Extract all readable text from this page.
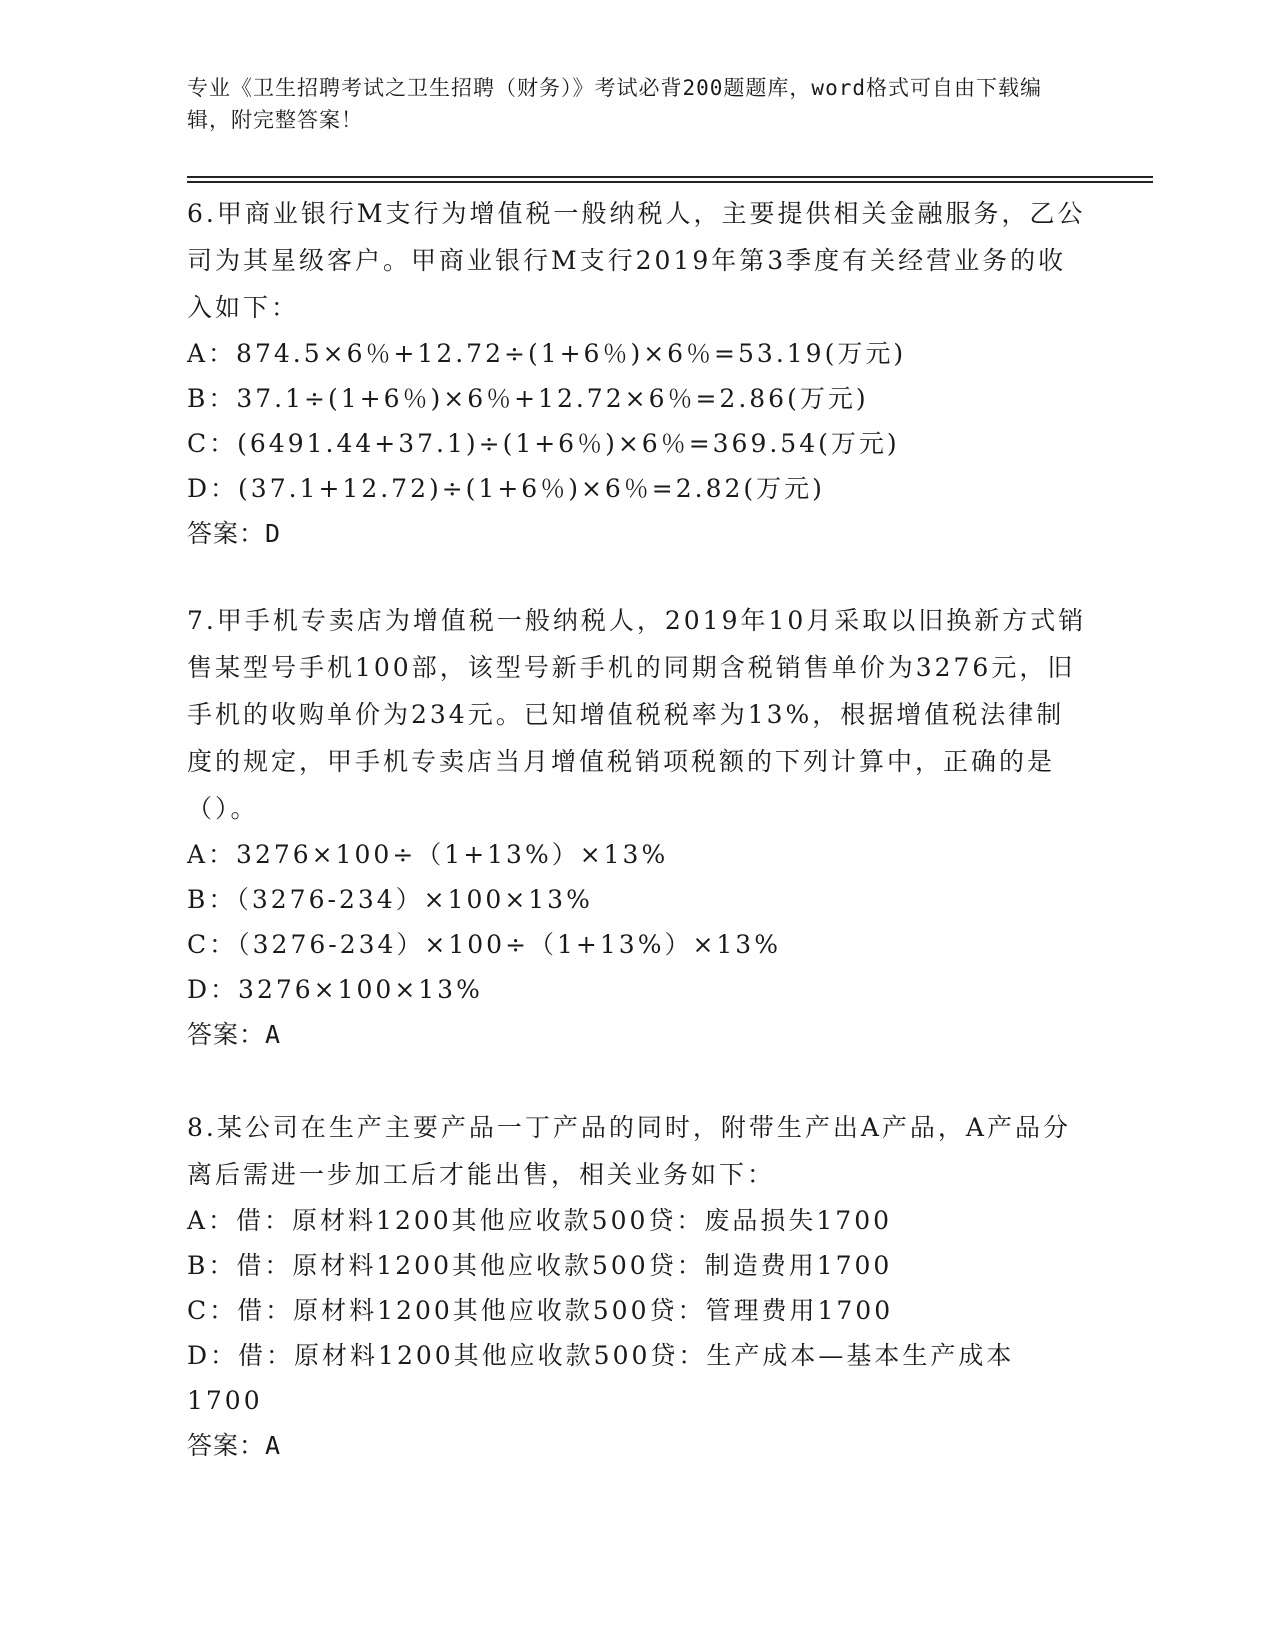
专业《卫生招聘考试之卫生招聘（财务）》考试必背200题题库，word格式可自由下载编辑，附完整答案！

6.甲商业银行M支行为增值税一般纳税人，主要提供相关金融服务，乙公司为其星级客户。甲商业银行M支行2019年第3季度有关经营业务的收入如下：

A：874.5×6％+12.72÷(1+6％)×6％=53.19(万元)

B：37.1÷(1+6％)×6％+12.72×6％=2.86(万元)

C：(6491.44+37.1)÷(1+6％)×6％=369.54(万元)

D：(37.1+12.72)÷(1+6％)×6％=2.82(万元)

答案：D

7.甲手机专卖店为增值税一般纳税人，2019年10月采取以旧换新方式销售某型号手机100部，该型号新手机的同期含税销售单价为3276元，旧手机的收购单价为234元。已知增值税税率为13%，根据增值税法律制度的规定，甲手机专卖店当月增值税销项税额的下列计算中，正确的是（）。

A：3276×100÷（1+13%）×13%

B：（3276-234）×100×13%

C：（3276-234）×100÷（1+13%）×13%

D：3276×100×13%

答案：A

8.某公司在生产主要产品一丁产品的同时，附带生产出A产品，A产品分离后需进一步加工后才能出售，相关业务如下：

A：借：原材料1200其他应收款500贷：废品损失1700

B：借：原材料1200其他应收款500贷：制造费用1700

C：借：原材料1200其他应收款500贷：管理费用1700

D：借：原材料1200其他应收款500贷：生产成本—基本生产成本1700

答案：A
